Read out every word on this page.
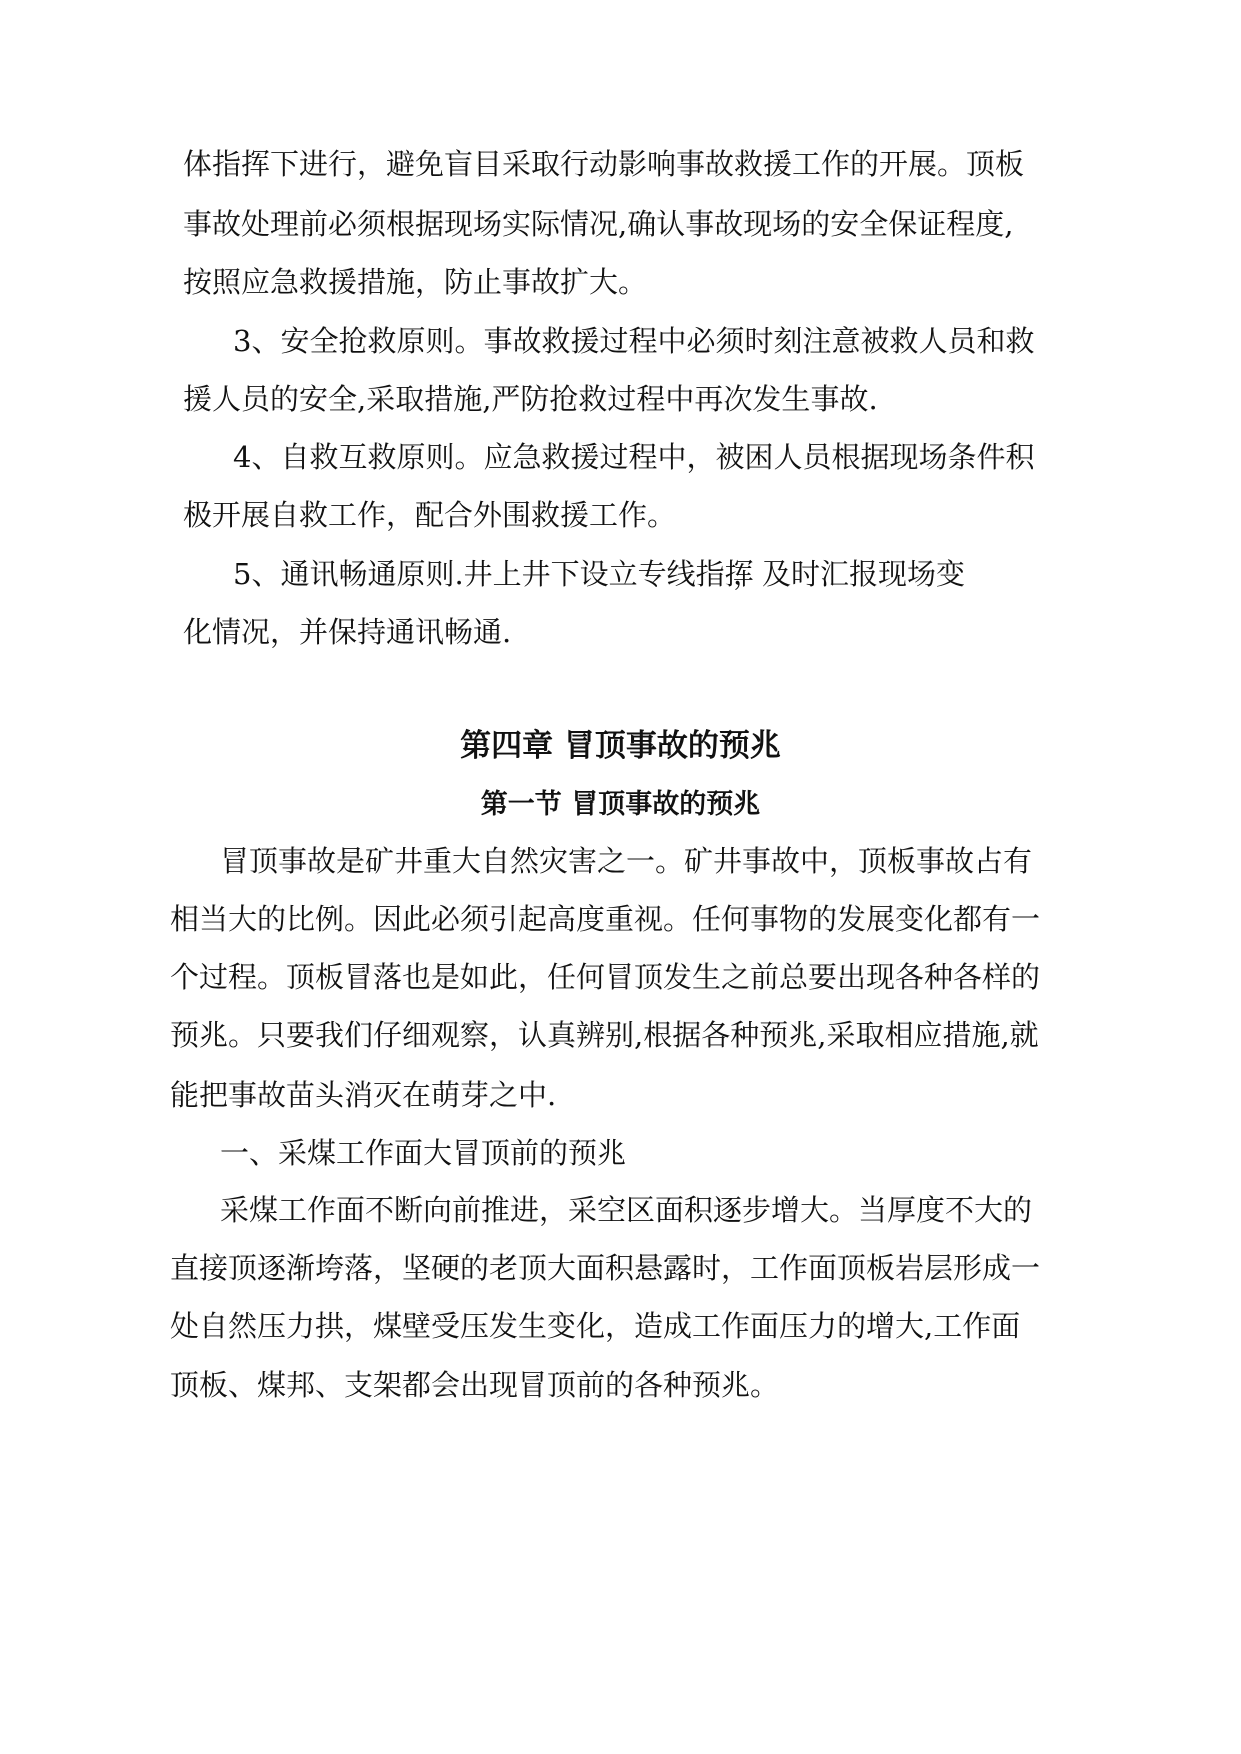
体指挥下进行，避免盲目采取行动影响事故救援工作的开展。顶板
事故处理前必须根据现场实际情况,确认事故现场的安全保证程度,
按照应急救援措施，防止事故扩大。
3、安全抢救原则。事故救援过程中必须时刻注意被救人员和救
援人员的安全,采取措施,严防抢救过程中再次发生事故.
4、自救互救原则。应急救援过程中，被困人员根据现场条件积
极开展自救工作，配合外围救援工作。
5、通讯畅通原则.井上井下设立专线指挥
，及时汇报现场变
化情况，并保持通讯畅通.
第四章 冒顶事故的预兆
第一节 冒顶事故的预兆
冒顶事故是矿井重大自然灾害之一。矿井事故中，顶板事故占有
相当大的比例。因此必须引起高度重视。任何事物的发展变化都有一
个过程。顶板冒落也是如此，任何冒顶发生之前总要出现各种各样的
预兆。只要我们仔细观察，认真辨别,根据各种预兆,采取相应措施,就
能把事故苗头消灭在萌芽之中.
一、采煤工作面大冒顶前的预兆
采煤工作面不断向前推进，采空区面积逐步增大。当厚度不大的
直接顶逐渐垮落，坚硬的老顶大面积悬露时，工作面顶板岩层形成一
处自然压力拱，煤壁受压发生变化，造成工作面压力的增大,工作面
顶板、煤邦、支架都会出现冒顶前的各种预兆。
